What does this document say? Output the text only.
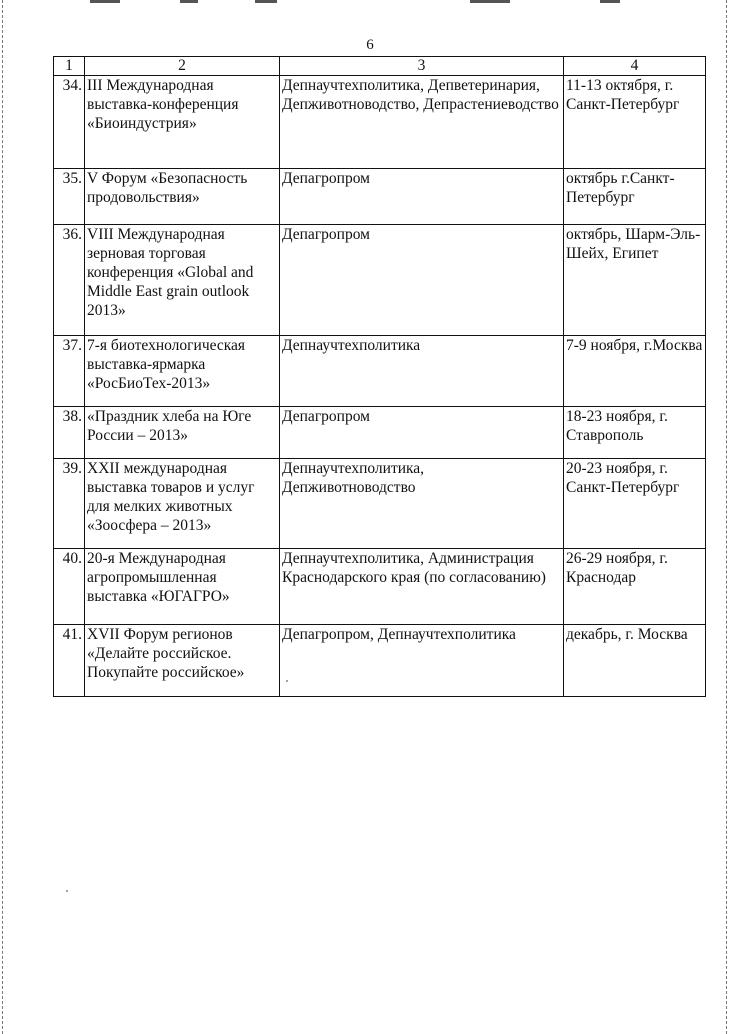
6
1	2	3	4
34.	III Международная выставка-конференция «Биоиндустрия»	Депнаучтехполитика, Депветеринария, Депживотноводство, Депрастениеводство	11-13 октября, г. Санкт-Петербург
35.	V Форум «Безопасность продовольствия»	Депагропром	октябрь г.Санкт-Петербург
36.	VIII Международная зерновая торговая конференция «Global and Middle East grain outlook 2013»	Депагропром	октябрь, Шарм-Эль-Шейх, Египет
37.	7-я биотехнологическая выставка-ярмарка «РосБиоТех-2013»	Депнаучтехполитика	7-9 ноября, г.Москва
38.	«Праздник хлеба на Юге России – 2013»	Депагропром	18-23 ноября, г. Ставрополь
39.	XXII международная выставка товаров и услуг для мелких животных «Зоосфера – 2013»	Депнаучтехполитика, Депживотноводство	20-23 ноября, г. Санкт-Петербург
40.	20-я Международная агропромышленная выставка «ЮГАГРО»	Депнаучтехполитика, Администрация Краснодарского края (по согласованию)	26-29 ноября, г. Краснодар
41.	XVII Форум регионов «Делайте российское. Покупайте российское»	Депагропром, Депнаучтехполитика	декабрь, г. Москва
